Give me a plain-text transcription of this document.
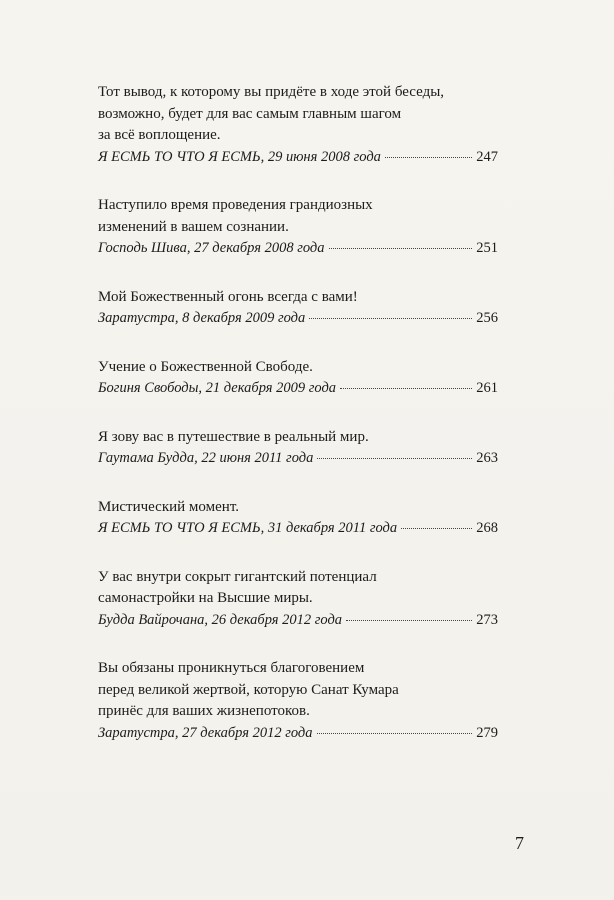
Тот вывод, к которому вы придёте в ходе этой беседы,
возможно, будет для вас самым главным шагом
за всё воплощение.
Я ЕСМЬ ТО ЧТО Я ЕСМЬ, 29 июня 2008 года	247
Наступило время проведения грандиозных
изменений в вашем сознании.
Господь Шива, 27 декабря 2008 года	251
Мой Божественный огонь всегда с вами!
Заратустра, 8 декабря 2009 года	256
Учение о Божественной Свободе.
Богиня Свободы, 21 декабря 2009 года	261
Я зову вас в путешествие в реальный мир.
Гаутама Будда, 22 июня 2011 года	263
Мистический момент.
Я ЕСМЬ ТО ЧТО Я ЕСМЬ, 31 декабря 2011 года	268
У вас внутри сокрыт гигантский потенциал
самонастройки на Высшие миры.
Будда Вайрочана, 26 декабря 2012 года	273
Вы обязаны проникнуться благоговением
перед великой жертвой, которую Санат Кумара
принёс для ваших жизнепотоков.
Заратустра, 27 декабря 2012 года	279
7
